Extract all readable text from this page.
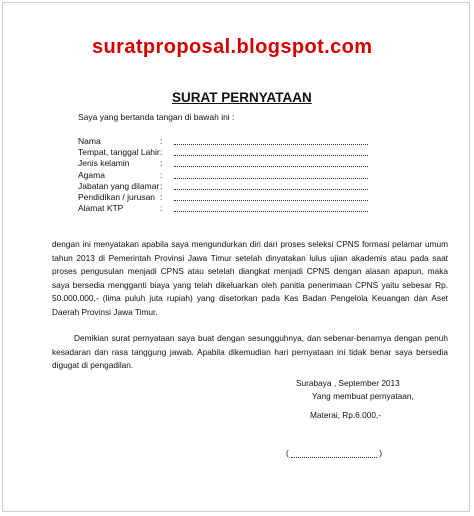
suratproposal.blogspot.com
SURAT PERNYATAAN
Saya yang bertanda tangan di bawah ini :
Nama	:
Tempat, tanggal Lahir :
Jenis kelamin	:
Agama	:
Jabatan yang dilamar :
Pendidikan / jurusan :
Alamat KTP	:
dengan ini menyatakan apabila saya mengundurkan diri dari proses seleksi CPNS formasi pelamar umum tahun 2013 di Pemerintah Provinsi Jawa Timur setelah dinyatakan lulus ujian akademis atau pada saat proses pengusulan menjadi CPNS atau setelah diangkat menjadi CPNS dengan alasan apapun, maka saya bersedia mengganti biaya yang telah dikeluarkan oleh panitia penerimaan CPNS yaitu sebesar Rp. 50.000.000,- (lima puluh juta rupiah) yang disetorkan pada Kas Badan Pengelola Keuangan dan Aset Daerah Provinsi Jawa Timur.
Demikian surat pernyataan saya buat dengan sesungguhnya, dan sebenar-benarnya dengan penuh kesadaran dan rasa tanggung jawab. Apabila dikemudian hari pernyataan ini tidak benar saya bersedia digugat di pengadilan.
Surabaya , September 2013
Yang membuat pernyataan,
Materai, Rp.6.000,-
(	)
